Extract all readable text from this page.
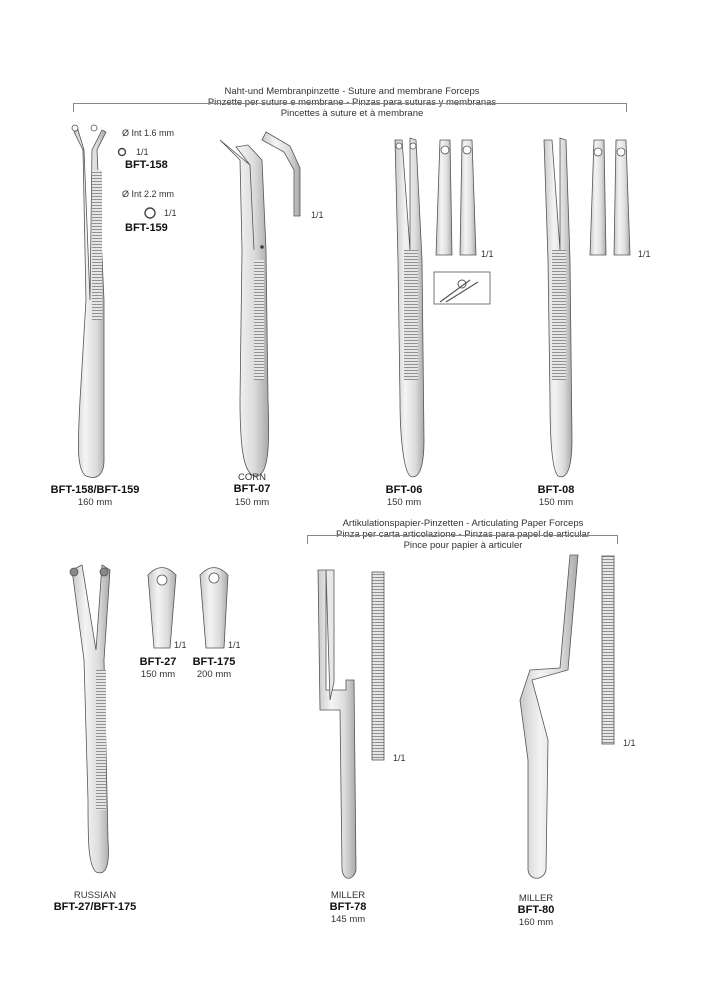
Naht-und Membranpinzette - Suture and membrane Forceps
Pinzette per suture e membrane - Pinzas para suturas y membranas
Pincettes à suture et à membrane
Artikulationspapier-Pinzetten - Articulating Paper Forceps
Pinza per carta articolazione - Pinzas para papel de articular
Pince pour papier à articuler
Ø Int 1.6 mm
1/1
BFT-158
Ø Int 2.2 mm
1/1
BFT-159
1/1
1/1	1/1
1/1	1/1
1/1
1/1
BFT-158/BFT-159
160 mm
CORN
BFT-07
150 mm
BFT-06
150 mm
BFT-08
150 mm
BFT-27
150 mm
BFT-175
200 mm
RUSSIAN
BFT-27/BFT-175
MILLER
BFT-78
145 mm
MILLER
BFT-80
160 mm
